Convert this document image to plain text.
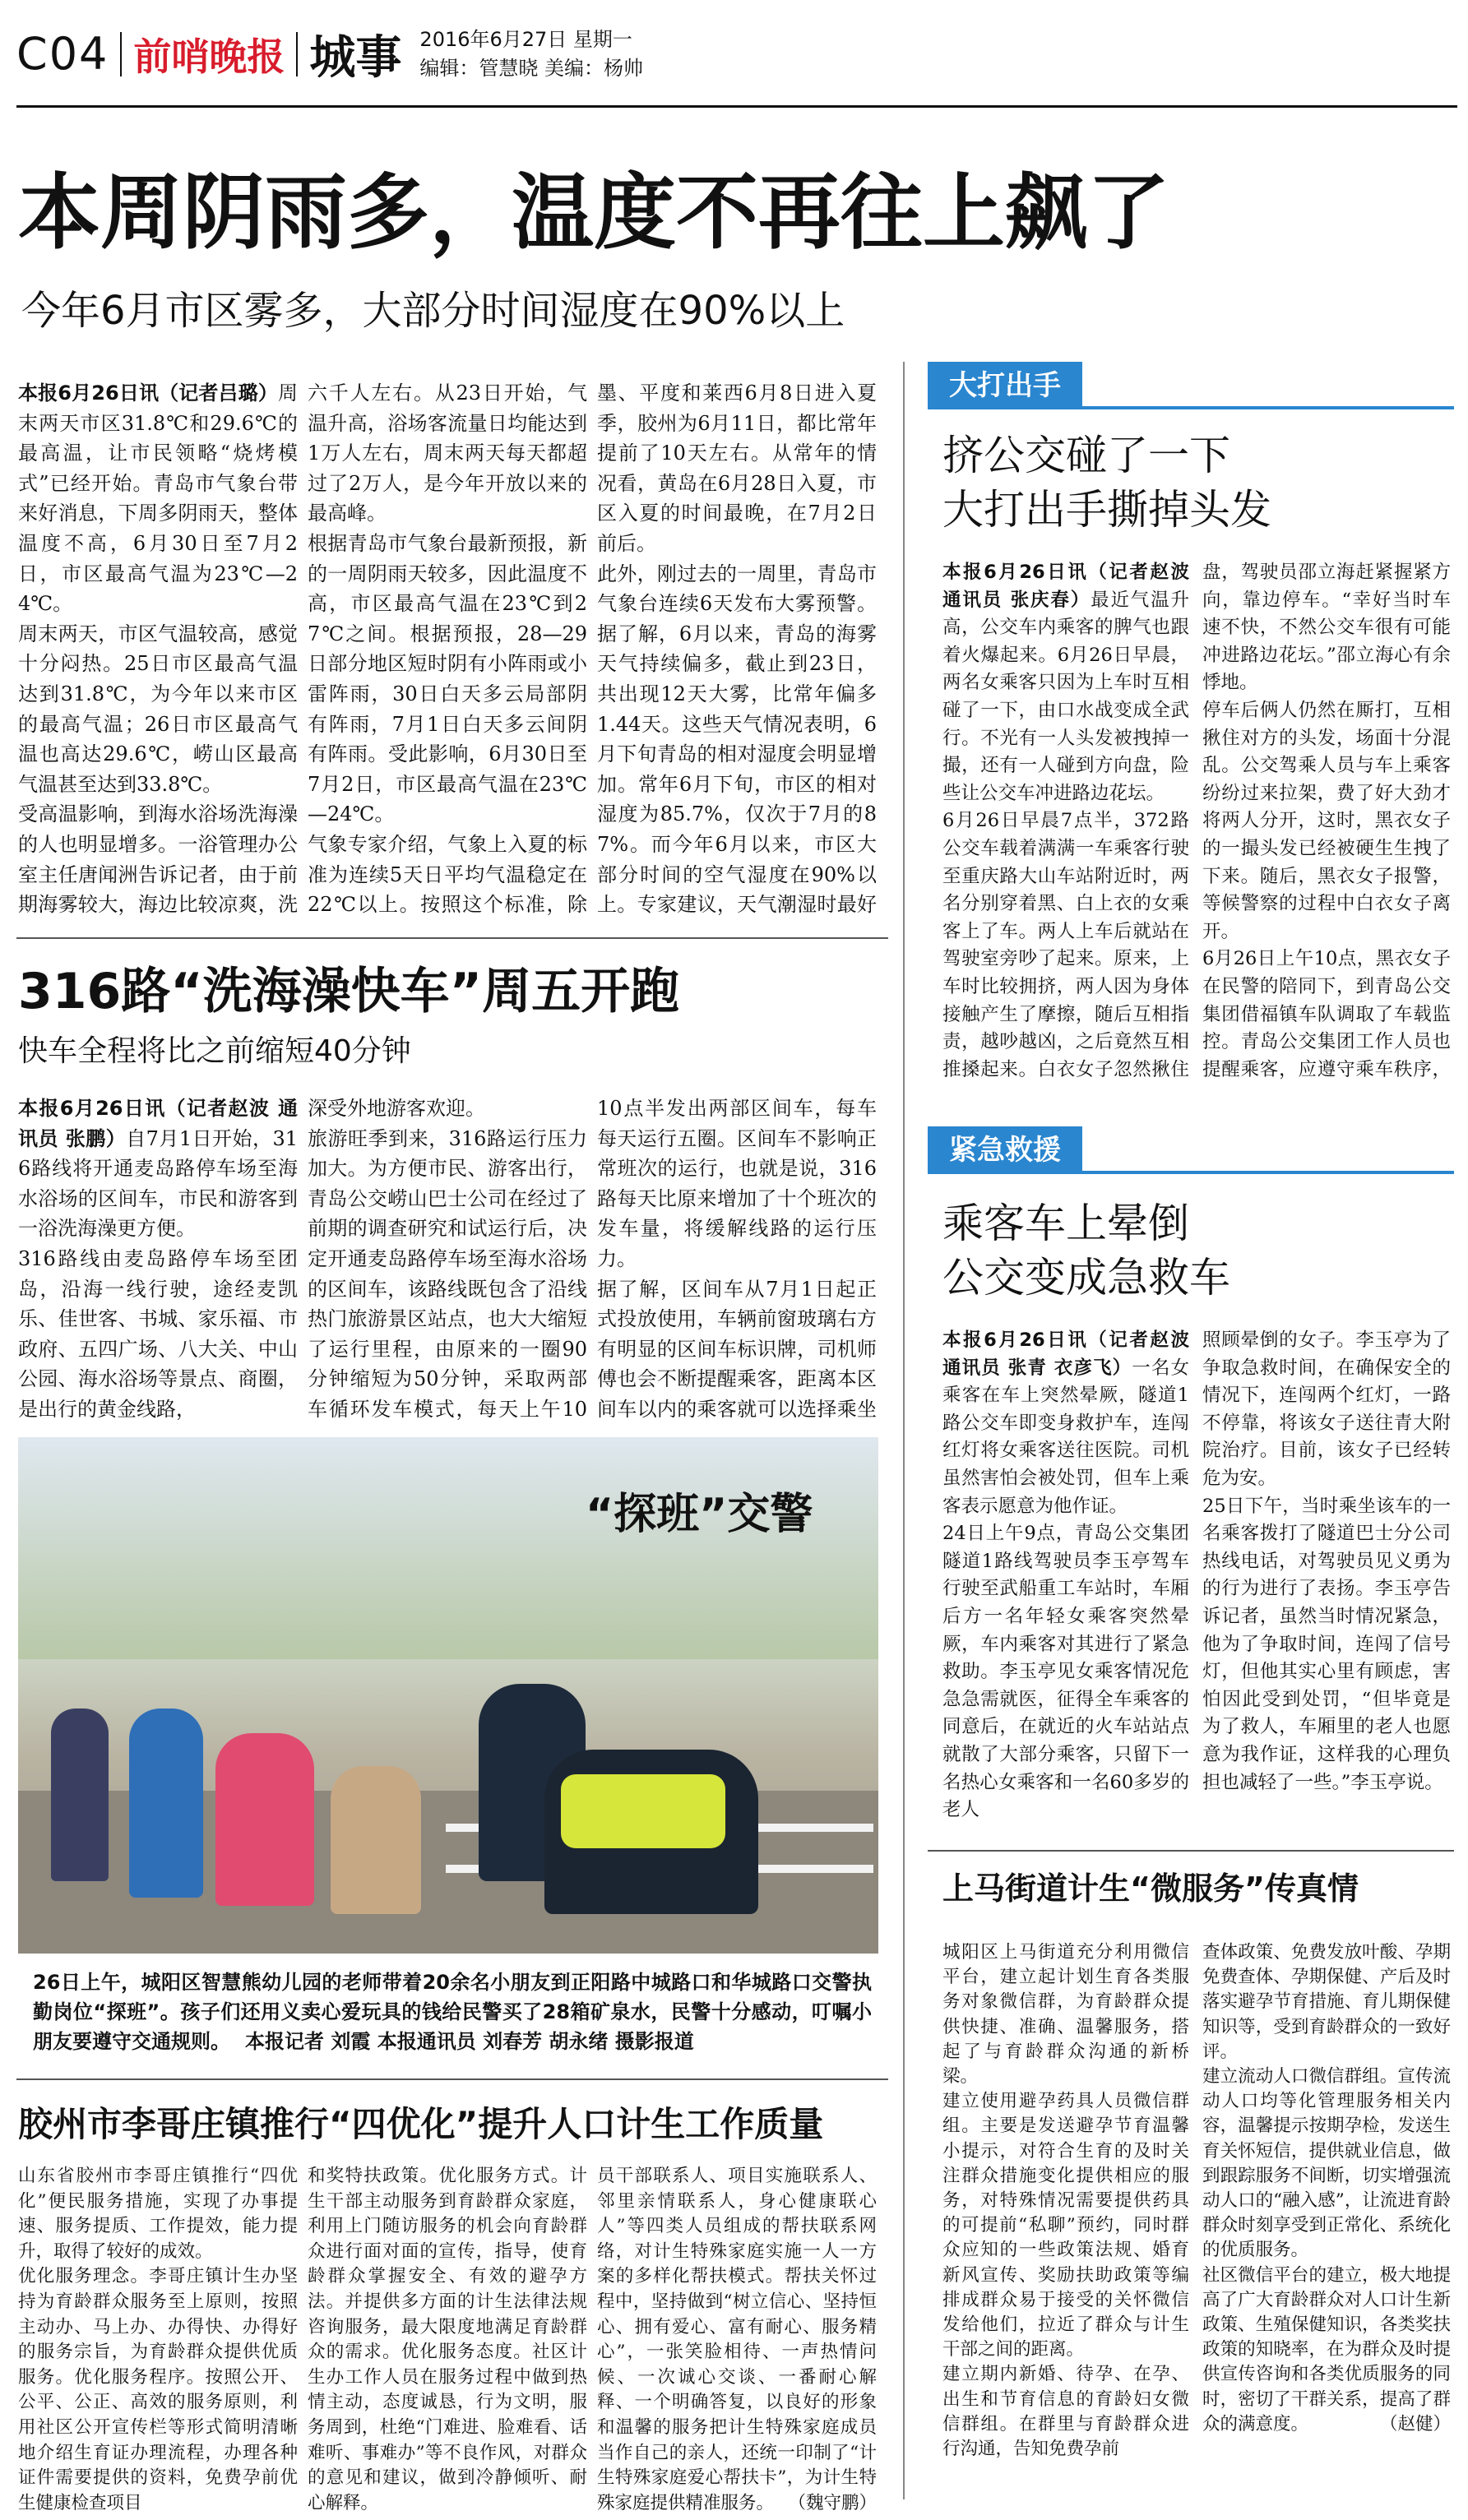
C04 前哨晚报 城事 2016年6月27日 星期一
编辑：管慧晓 美编：杨帅
本周阴雨多，温度不再往上飙了
今年6月市区雾多，大部分时间湿度在90%以上
本报6月26日讯（记者吕璐）周末两天市区31.8℃和29.6℃的最高温，让市民领略“烧烤模式”已经开始。青岛市气象台带来好消息，下周多阴雨天，整体温度不高，6月30日至7月2日，市区最高气温为23℃—24℃。
周末两天，市区气温较高，感觉十分闷热。25日市区最高气温达到31.8℃，为今年以来市区的最高气温；26日市区最高气温也高达29.6℃，崂山区最高气温甚至达到33.8℃。
受高温影响，到海水浴场洗海澡的人也明显增多。一浴管理办公室主任唐闻洲告诉记者，由于前期海雾较大，海边比较凉爽，洗
六千人左右。从23日开始，气温升高，浴场客流量日均能达到1万人左右，周末两天每天都超过了2万人，是今年开放以来的最高峰。
根据青岛市气象台最新预报，新的一周阴雨天较多，因此温度不高，市区最高气温在23℃到27℃之间。根据预报，28—29日部分地区短时阴有小阵雨或小雷阵雨，30日白天多云局部阴有阵雨，7月1日白天多云间阴有阵雨。受此影响，6月30日至7月2日，市区最高气温在23℃—24℃。
气象专家介绍，气象上入夏的标准为连续5天日平均气温稳定在22℃以上。按照这个标准，除
墨、平度和莱西6月8日进入夏季，胶州为6月11日，都比常年提前了10天左右。从常年的情况看，黄岛在6月28日入夏，市区入夏的时间最晚，在7月2日前后。
此外，刚过去的一周里，青岛市气象台连续6天发布大雾预警。据了解，6月以来，青岛的海雾天气持续偏多，截止到23日，共出现12天大雾，比常年偏多1.44天。这些天气情况表明，6月下旬青岛的相对湿度会明显增加。常年6月下旬，市区的相对湿度为85.7%，仅次于7月的87%。而今年6月以来，市区大部分时间的空气湿度在90%以上。专家建议，天气潮湿时最好
316路“洗海澡快车”周五开跑
快车全程将比之前缩短40分钟
本报6月26日讯（记者赵波 通讯员 张鹏）自7月1日开始，316路线将开通麦岛路停车场至海水浴场的区间车，市民和游客到一浴洗海澡更方便。
316路线由麦岛路停车场至团岛，沿海一线行驶，途经麦凯乐、佳世客、书城、家乐福、市政府、五四广场、八大关、中山公园、海水浴场等景点、商圈，是出行的黄金线路，
深受外地游客欢迎。
旅游旺季到来，316路运行压力加大。为方便市民、游客出行，青岛公交崂山巴士公司在经过了前期的调查研究和试运行后，决定开通麦岛路停车场至海水浴场的区间车，该路线既包含了沿线热门旅游景区站点，也大大缩短了运行里程，由原来的一圈90分钟缩短为50分钟，采取两部车循环发车模式，每天上午10
10点半发出两部区间车，每车每天运行五圈。区间车不影响正常班次的运行，也就是说，316路每天比原来增加了十个班次的发车量，将缓解线路的运行压力。
据了解，区间车从7月1日起正式投放使用，车辆前窗玻璃右方有明显的区间车标识牌，司机师傅也会不断提醒乘客，距离本区间车以内的乘客就可以选择乘坐
“探班”交警
26日上午，城阳区智慧熊幼儿园的老师带着20余名小朋友到正阳路中城路口和华城路口交警执勤岗位“探班”。孩子们还用义卖心爱玩具的钱给民警买了28箱矿泉水，民警十分感动，叮嘱小朋友要遵守交通规则。 本报记者 刘霞 本报通讯员 刘春芳 胡永绪 摄影报道
胶州市李哥庄镇推行“四优化”提升人口计生工作质量
山东省胶州市李哥庄镇推行“四优化”便民服务措施，实现了办事提速、服务提质、工作提效，能力提升，取得了较好的成效。
优化服务理念。李哥庄镇计生办坚持为育龄群众服务至上原则，按照主动办、马上办、办得快、办得好的服务宗旨，为育龄群众提供优质服务。优化服务程序。按照公开、公平、公正、高效的服务原则，利用社区公开宣传栏等形式简明清晰地介绍生育证办理流程，办理各种证件需要提供的资料，免费孕前优生健康检查项目
和奖特扶政策。优化服务方式。计生干部主动服务到育龄群众家庭，利用上门随访服务的机会向育龄群众进行面对面的宣传，指导，使育龄群众掌握安全、有效的避孕方法。并提供多方面的计生法律法规咨询服务，最大限度地满足育龄群众的需求。优化服务态度。社区计生办工作人员在服务过程中做到热情主动，态度诚恳，行为文明，服务周到，杜绝“门难进、脸难看、话难听、事难办”等不良作风，对群众的意见和建议，做到冷静倾听、耐心解释。

员干部联系人、项目实施联系人、邻里亲情联系人，身心健康联心人”等四类人员组成的帮扶联系网络，对计生特殊家庭实施一人一方案的多样化帮扶模式。帮扶关怀过程中，坚持做到“树立信心、坚持恒心、拥有爱心、富有耐心、服务精心”，一张笑脸相待、一声热情问候、一次诚心交谈、一番耐心解释、一个明确答复，以良好的形象和温馨的服务把计生特殊家庭成员当作自己的亲人，还统一印制了“计生特殊家庭爱心帮扶卡”，为计生特殊家庭提供精准服务。 （魏守鹏）
大打出手
挤公交碰了一下
大打出手撕掉头发
本报6月26日讯（记者赵波 通讯员 张庆春）最近气温升高，公交车内乘客的脾气也跟着火爆起来。6月26日早晨，两名女乘客只因为上车时互相碰了一下，由口水战变成全武行。不光有一人头发被拽掉一撮，还有一人碰到方向盘，险些让公交车冲进路边花坛。
6月26日早晨7点半，372路公交车载着满满一车乘客行驶至重庆路大山车站附近时，两名分别穿着黑、白上衣的女乘客上了车。两人上车后就站在驾驶室旁吵了起来。原来，上车时比较拥挤，两人因为身体接触产生了摩擦，随后互相指责，越吵越凶，之后竟然互相推搡起来。白衣女子忽然揪住
盘，驾驶员邵立海赶紧握紧方向，靠边停车。“幸好当时车速不快，不然公交车很有可能冲进路边花坛。”邵立海心有余悸地。
停车后俩人仍然在厮打，互相揪住对方的头发，场面十分混乱。公交驾乘人员与车上乘客纷纷过来拉架，费了好大劲才将两人分开，这时，黑衣女子的一撮头发已经被硬生生拽了下来。随后，黑衣女子报警，等候警察的过程中白衣女子离开。
6月26日上午10点，黑衣女子在民警的陪同下，到青岛公交集团借福镇车队调取了车载监控。青岛公交集团工作人员也提醒乘客，应遵守乘车秩序，
紧急救援
乘客车上晕倒
公交变成急救车
本报6月26日讯（记者赵波 通讯员 张青 衣彦飞）一名女乘客在车上突然晕厥，隧道1路公交车即变身救护车，连闯红灯将女乘客送往医院。司机虽然害怕会被处罚，但车上乘客表示愿意为他作证。
24日上午9点，青岛公交集团隧道1路线驾驶员李玉亭驾车行驶至武船重工车站时，车厢后方一名年轻女乘客突然晕厥，车内乘客对其进行了紧急救助。李玉亭见女乘客情况危急急需就医，征得全车乘客的同意后，在就近的火车站站点就散了大部分乘客，只留下一名热心女乘客和一名60多岁的老人
照顾晕倒的女子。李玉亭为了争取急救时间，在确保安全的情况下，连闯两个红灯，一路不停靠，将该女子送往青大附院治疗。目前，该女子已经转危为安。
25日下午，当时乘坐该车的一名乘客拨打了隧道巴士分公司热线电话，对驾驶员见义勇为的行为进行了表扬。李玉亭告诉记者，虽然当时情况紧急，他为了争取时间，连闯了信号灯，但他其实心里有顾虑，害怕因此受到处罚，“但毕竟是为了救人，车厢里的老人也愿意为我作证，这样我的心理负担也减轻了一些。”李玉亭说。
上马街道计生“微服务”传真情
城阳区上马街道充分利用微信平台，建立起计划生育各类服务对象微信群，为育龄群众提供快捷、准确、温馨服务，搭起了与育龄群众沟通的新桥梁。
建立使用避孕药具人员微信群组。主要是发送避孕节育温馨小提示，对符合生育的及时关注群众措施变化提供相应的服务，对特殊情况需要提供药具的可提前“私聊”预约，同时群众应知的一些政策法规、婚育新风宣传、奖励扶助政策等编排成群众易于接受的关怀微信发给他们，拉近了群众与计生干部之间的距离。
建立期内新婚、待孕、在孕、出生和节育信息的育龄妇女微信群组。在群里与育龄群众进行沟通，告知免费孕前
查体政策、免费发放叶酸、孕期免费查体、孕期保健、产后及时落实避孕节育措施、育儿期保健知识等，受到育龄群众的一致好评。
建立流动人口微信群组。宣传流动人口均等化管理服务相关内容，温馨提示按期孕检，发送生育关怀短信，提供就业信息，做到跟踪服务不间断，切实增强流动人口的“融入感”，让流进育龄群众时刻享受到正常化、系统化的优质服务。
社区微信平台的建立，极大地提高了广大育龄群众对人口计生新政策、生殖保健知识，各类奖扶政策的知晓率，在为群众及时提供宣传咨询和各类优质服务的同时，密切了干群关系，提高了群众的满意度。	（赵健）
